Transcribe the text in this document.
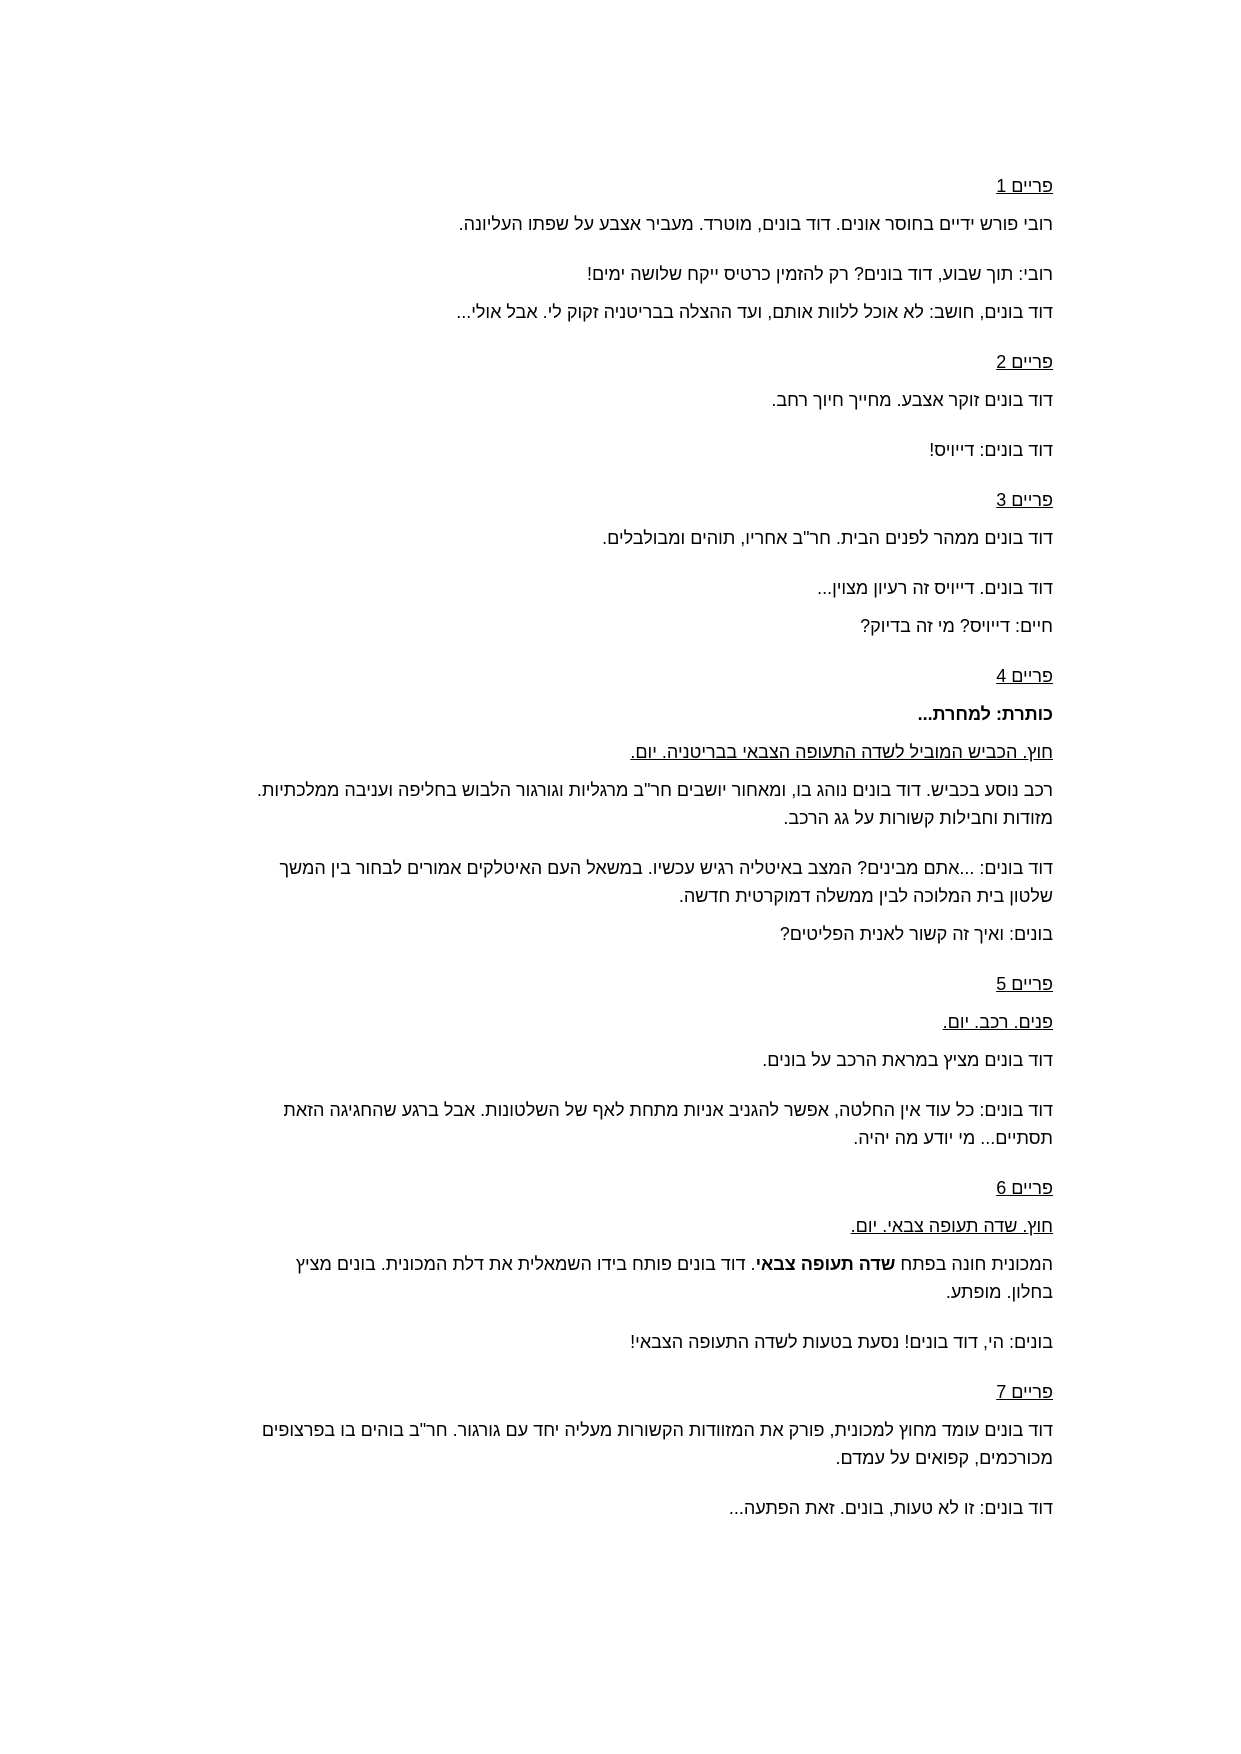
פריים 1

רובי פורש ידיים בחוסר אונים. דוד בונים, מוטרד. מעביר אצבע על שפתו העליונה.

רובי: תוך שבוע, דוד בונים? רק להזמין כרטיס ייקח שלושה ימים!

דוד בונים, חושב: לא אוכל ללוות אותם, ועד ההצלה בבריטניה זקוק לי. אבל אולי...

פריים 2

דוד בונים זוקר אצבע. מחייך חיוך רחב.

דוד בונים: דייויס!

פריים 3

דוד בונים ממהר לפנים הבית. חר"ב אחריו, תוהים ומבולבלים.

דוד בונים. דייויס זה רעיון מצוין...

חיים: דייויס? מי זה בדיוק?

פריים 4

כותרת: למחרת...

חוץ. הכביש המוביל לשדה התעופה הצבאי בבריטניה. יום.

רכב נוסע בכביש. דוד בונים נוהג בו, ומאחור יושבים חר"ב מרגליות וגורגור הלבוש בחליפה ועניבה ממלכתיות.

מזודות וחבילות קשורות על גג הרכב.

דוד בונים: ...אתם מבינים? המצב באיטליה רגיש עכשיו. במשאל העם האיטלקים אמורים לבחור בין המשך

שלטון בית המלוכה לבין ממשלה דמוקרטית חדשה.

בונים: ואיך זה קשור לאנית הפליטים?

פריים 5

פנים. רכב. יום.

דוד בונים מציץ במראת הרכב על בונים.

דוד בונים: כל עוד אין החלטה, אפשר להגניב אניות מתחת לאף של השלטונות. אבל ברגע שהחגיגה הזאת

תסתיים... מי יודע מה יהיה.

פריים 6

חוץ. שדה תעופה צבאי. יום.

המכונית חונה בפתח שדה תעופה צבאי. דוד בונים פותח בידו השמאלית את דלת המכונית. בונים מציץ

בחלון. מופתע.

בונים: הי, דוד בונים! נסעת בטעות לשדה התעופה הצבאי!

פריים 7

דוד בונים עומד מחוץ למכונית, פורק את המזוודות הקשורות מעליה יחד עם גורגור. חר"ב בוהים בו בפרצופים

מכורכמים, קפואים על עמדם.

דוד בונים: זו לא טעות, בונים. זאת הפתעה...
